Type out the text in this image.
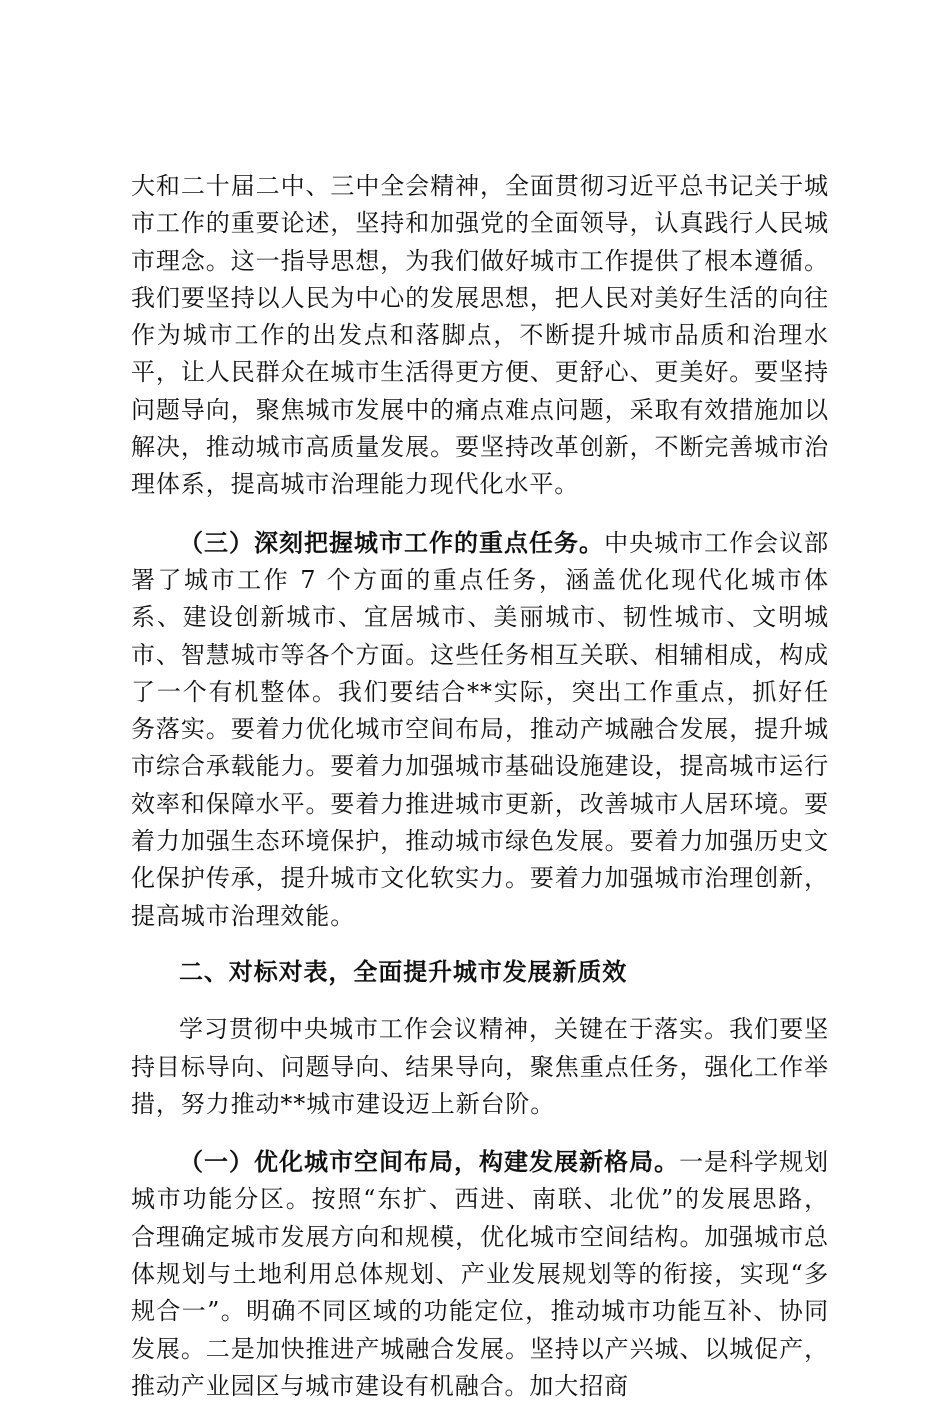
大和二十届二中、三中全会精神，全面贯彻习近平总书记关于城市工作的重要论述，坚持和加强党的全面领导，认真践行人民城市理念。这一指导思想，为我们做好城市工作提供了根本遵循。我们要坚持以人民为中心的发展思想，把人民对美好生活的向往作为城市工作的出发点和落脚点，不断提升城市品质和治理水平，让人民群众在城市生活得更方便、更舒心、更美好。要坚持问题导向，聚焦城市发展中的痛点难点问题，采取有效措施加以解决，推动城市高质量发展。要坚持改革创新，不断完善城市治理体系，提高城市治理能力现代化水平。

（三）深刻把握城市工作的重点任务。中央城市工作会议部署了城市工作 7 个方面的重点任务，涵盖优化现代化城市体系、建设创新城市、宜居城市、美丽城市、韧性城市、文明城市、智慧城市等各个方面。这些任务相互关联、相辅相成，构成了一个有机整体。我们要结合**实际，突出工作重点，抓好任务落实。要着力优化城市空间布局，推动产城融合发展，提升城市综合承载能力。要着力加强城市基础设施建设，提高城市运行效率和保障水平。要着力推进城市更新，改善城市人居环境。要着力加强生态环境保护，推动城市绿色发展。要着力加强历史文化保护传承，提升城市文化软实力。要着力加强城市治理创新，提高城市治理效能。

二、对标对表，全面提升城市发展新质效

学习贯彻中央城市工作会议精神，关键在于落实。我们要坚持目标导向、问题导向、结果导向，聚焦重点任务，强化工作举措，努力推动**城市建设迈上新台阶。

（一）优化城市空间布局，构建发展新格局。一是科学规划城市功能分区。按照“东扩、西进、南联、北优”的发展思路，合理确定城市发展方向和规模，优化城市空间结构。加强城市总体规划与土地利用总体规划、产业发展规划等的衔接，实现“多规合一”。明确不同区域的功能定位，推动城市功能互补、协同发展。二是加快推进产城融合发展。坚持以产兴城、以城促产，推动产业园区与城市建设有机融合。加大招商
